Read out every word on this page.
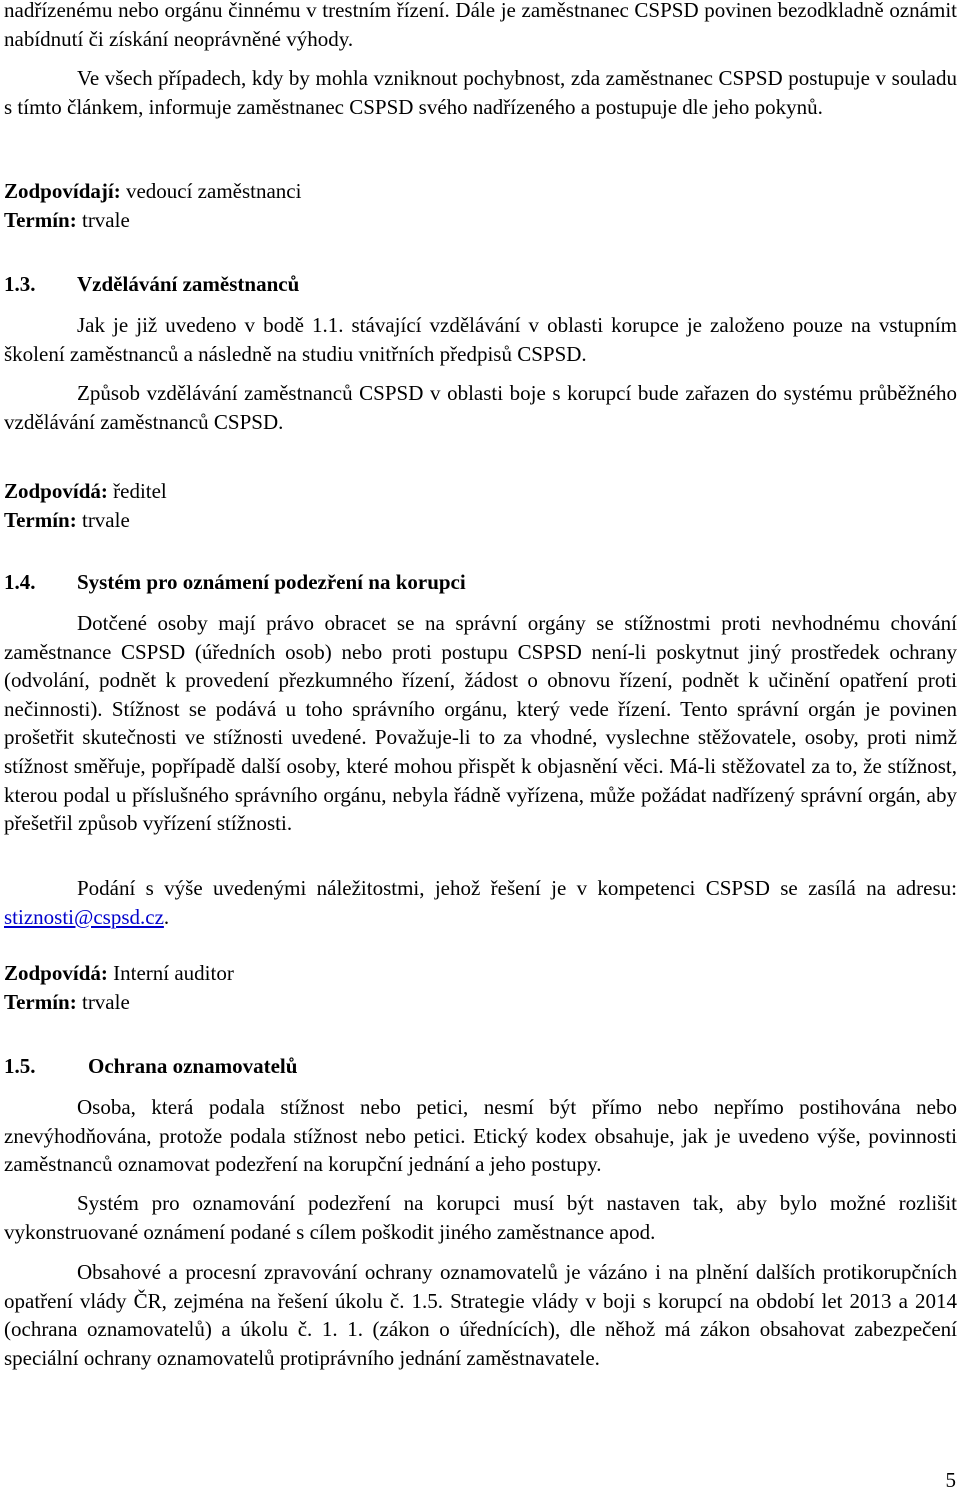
nadřízenému nebo orgánu činnému v trestním řízení. Dále je zaměstnanec CSPSD povinen bezodkladně oznámit nabídnutí či získání neoprávněné výhody.

Ve všech případech, kdy by mohla vzniknout pochybnost, zda zaměstnanec CSPSD postupuje v souladu s tímto článkem, informuje zaměstnanec CSPSD svého nadřízeného a postupuje dle jeho pokynů.

Zodpovídají: vedoucí zaměstnanci
Termín: trvale
1.3. Vzdělávání zaměstnanců

Jak je již uvedeno v bodě 1.1. stávající vzdělávání v oblasti korupce je založeno pouze na vstupním školení zaměstnanců a následně na studiu vnitřních předpisů CSPSD.

Způsob vzdělávání zaměstnanců CSPSD v oblasti boje s korupcí bude zařazen do systému průběžného vzdělávání zaměstnanců CSPSD.

Zodpovídá: ředitel
Termín: trvale
1.4. Systém pro oznámení podezření na korupci

Dotčené osoby mají právo obracet se na správní orgány se stížnostmi proti nevhodnému chování zaměstnance CSPSD (úředních osob) nebo proti postupu CSPSD není-li poskytnut jiný prostředek ochrany (odvolání, podnět k provedení přezkumného řízení, žádost o obnovu řízení, podnět k učinění opatření proti nečinnosti). Stížnost se podává u toho správního orgánu, který vede řízení. Tento správní orgán je povinen prošetřit skutečnosti ve stížnosti uvedené. Považuje-li to za vhodné, vyslechne stěžovatele, osoby, proti nimž stížnost směřuje, popřípadě další osoby, které mohou přispět k objasnění věci. Má-li stěžovatel za to, že stížnost, kterou podal u příslušného správního orgánu, nebyla řádně vyřízena, může požádat nadřízený správní orgán, aby přešetřil způsob vyřízení stížnosti.

Podání s výše uvedenými náležitostmi, jehož řešení je v kompetenci CSPSD se zasílá na adresu: stiznosti@cspsd.cz.

Zodpovídá: Interní auditor
Termín: trvale
1.5.	Ochrana oznamovatelů

Osoba, která podala stížnost nebo petici, nesmí být přímo nebo nepřímo postihována nebo znevýhodňována, protože podala stížnost nebo petici. Etický kodex obsahuje, jak je uvedeno výše, povinnosti zaměstnanců oznamovat podezření na korupční jednání a jeho postupy.

Systém pro oznamování podezření na korupci musí být nastaven tak, aby bylo možné rozlišit vykonstruované oznámení podané s cílem poškodit jiného zaměstnance apod.

Obsahové a procesní zpravování ochrany oznamovatelů je vázáno i na plnění dalších protikorupčních opatření vlády ČR, zejména na řešení úkolu č. 1.5. Strategie vlády v boji s korupcí na období let 2013 a 2014 (ochrana oznamovatelů) a úkolu č. 1. 1. (zákon o úřednících), dle něhož má zákon obsahovat zabezpečení speciální ochrany oznamovatelů protiprávního jednání zaměstnavatele.

5
